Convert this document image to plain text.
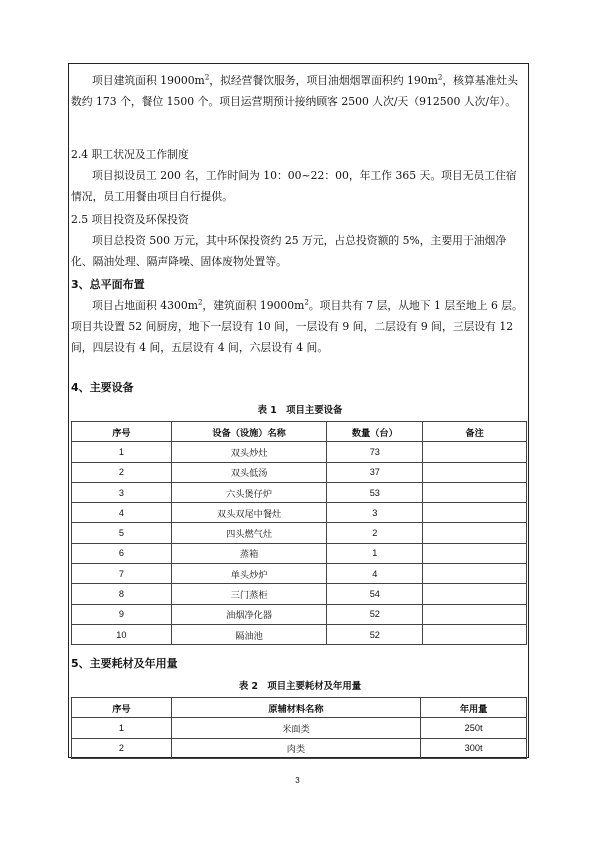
项目建筑面积 $19000m^2$，拟经营餐饮服务，项目油烟烟罩面积约 $190m^2$，核算基准灶头数约 173 个，餐位 1500 个。项目运营期预计接纳顾客 2500 人次/天（912500 人次/年）。

2.4 职工状况及工作制度

项目拟设员工 200 名，工作时间为 10：00~22：00，年工作 365 天。项目无员工住宿情况，员工用餐由项目自行提供。

2.5 项目投资及环保投资

项目总投资 500 万元，其中环保投资约 25 万元，占总投资额的 5%，主要用于油烟净化、隔油处理、隔声降噪、固体废物处置等。

3、总平面布置

项目占地面积 $4300m^2$，建筑面积 $19000m^2$。项目共有 7 层，从地下 1 层至地上 6 层。项目共设置 52 间厨房，地下一层设有 10 间，一层设有 9 间，二层设有 9 间，三层设有 12 间，四层设有 4 间，五层设有 4 间，六层设有 4 间。

4、主要设备
表 1　项目主要设备
序号	设备（设施）名称	数量（台）	备注
1	双头炒灶	73	
2	双头低汤	37	
3	六头煲仔炉	53	
4	双头双尾中餐灶	3	
5	四头燃气灶	2	
6	蒸箱	1	
7	单头炒炉	4	
8	三门蒸柜	54	
9	油烟净化器	52	
10	隔油池	52	
5、主要耗材及年用量
表 2　项目主要耗材及年用量
序号	原辅材料名称	年用量
1	米面类	250t
2	肉类	300t
3
